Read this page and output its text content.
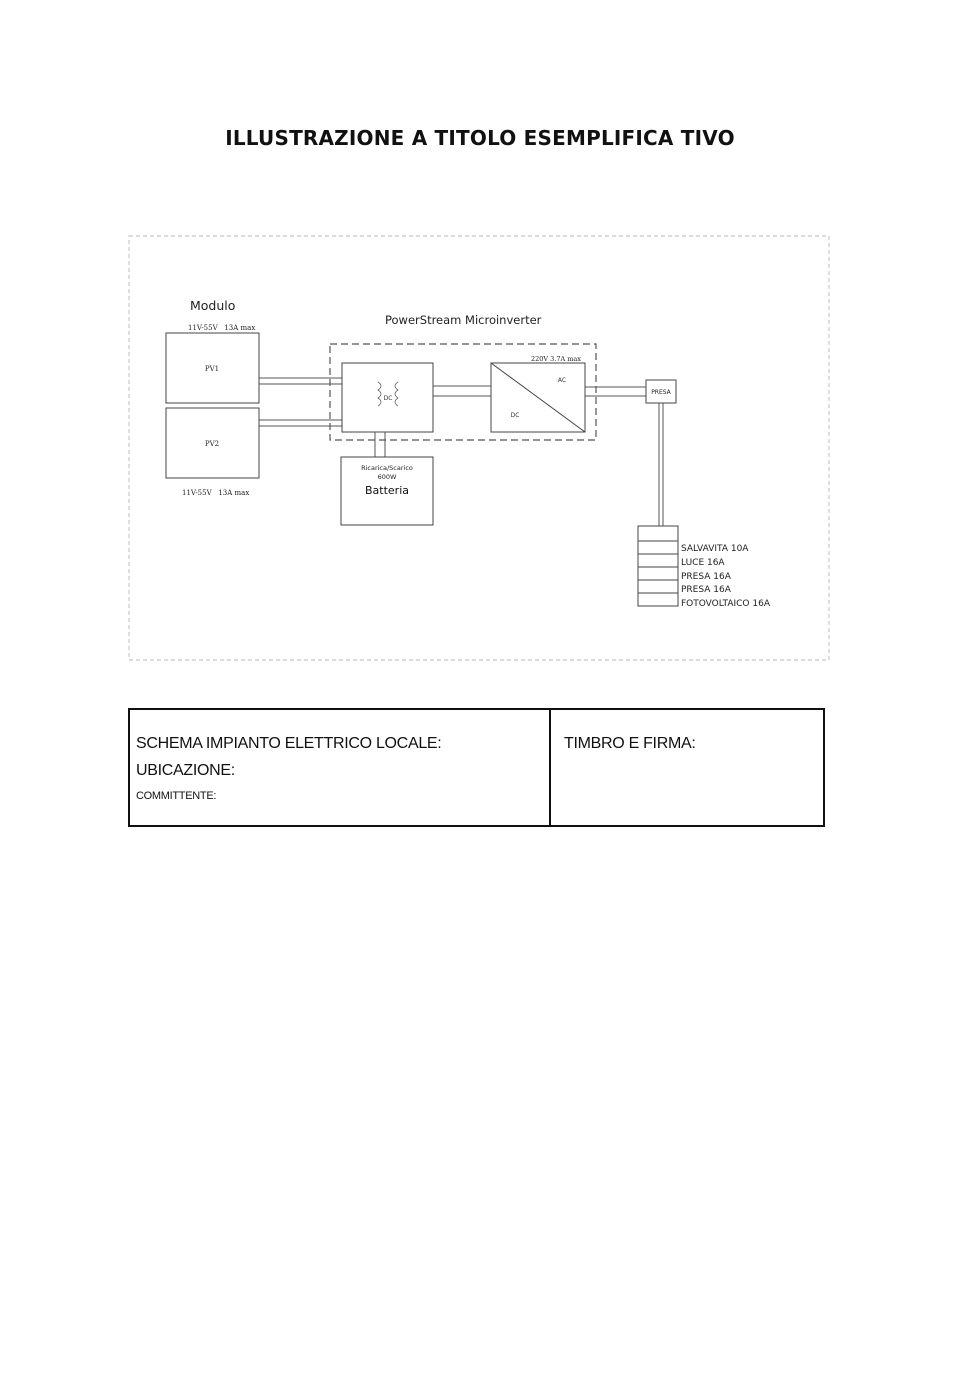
ILLUSTRAZIONE A TITOLO ESEMPLIFICA TIVO
Modulo
11V-55V   13A max
PV1
PV2
11V-55V   13A max
PowerStream Microinverter
DC
220V 3.7A max
AC
DC
PRESA
SALVAVITA 10A
LUCE 16A
PRESA 16A
PRESA 16A
FOTOVOLTAICO 16A
Ricarica/Scarico
600W
Batteria
SCHEMA IMPIANTO ELETTRICO LOCALE:
UBICAZIONE:
COMMITTENTE:
TIMBRO E FIRMA:
